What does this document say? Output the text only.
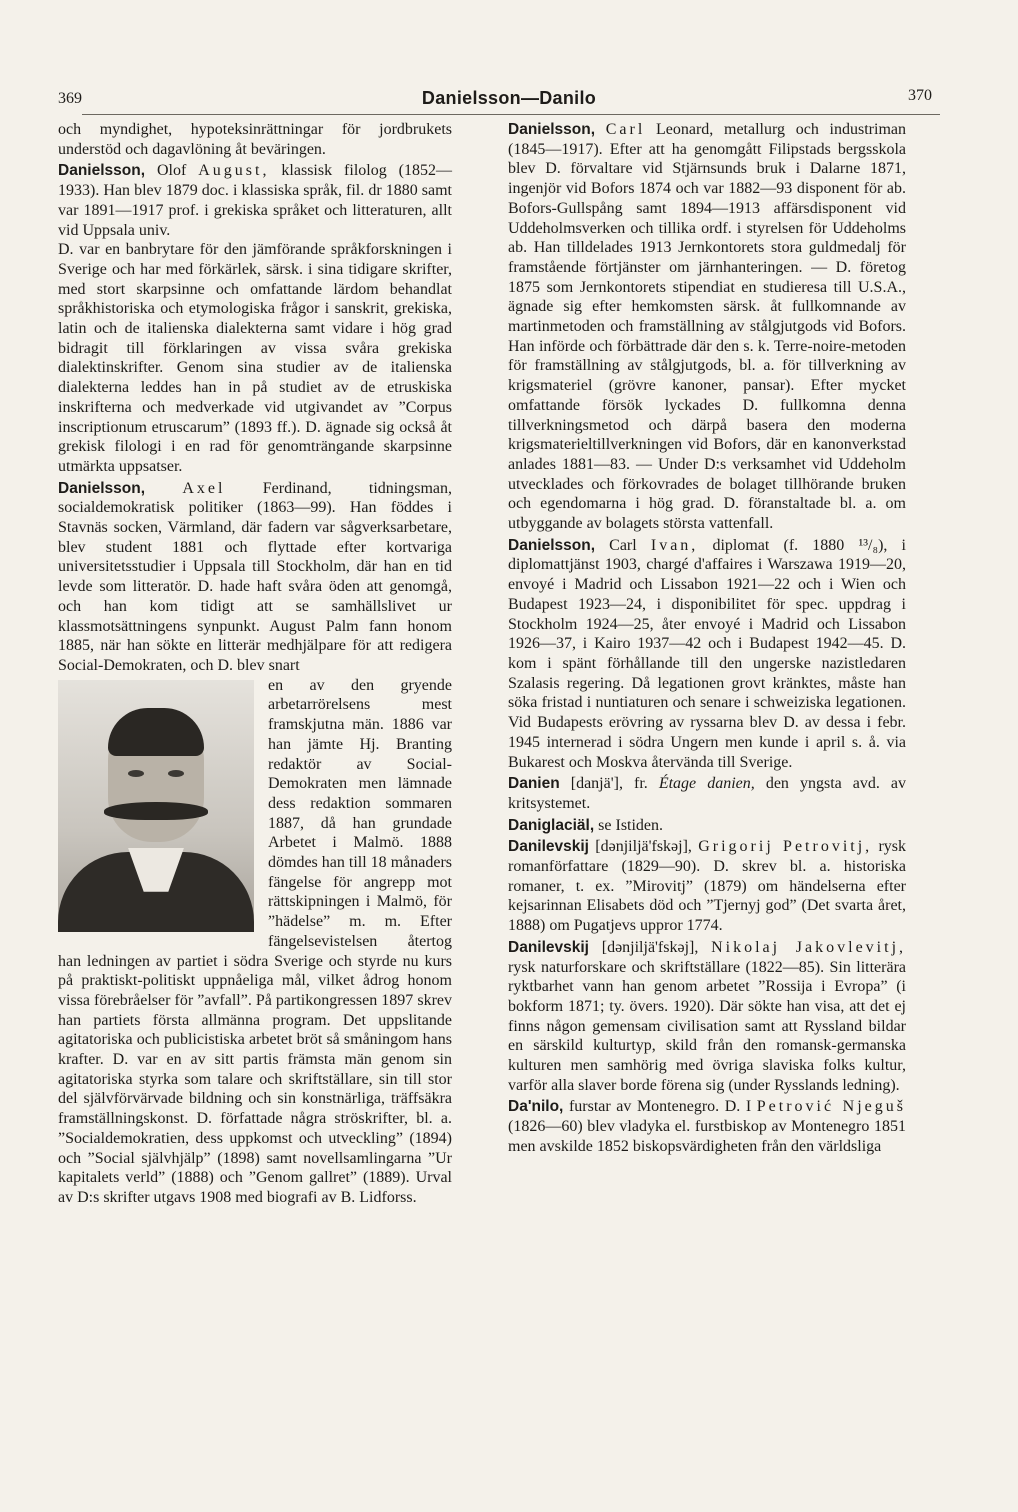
369	Danielsson—Danilo	370

och myndighet, hypoteksinrättningar för jordbrukets understöd och dagavlöning åt beväringen.

Danielsson, Olof August, klassisk filolog (1852—1933). Han blev 1879 doc. i klassiska språk, fil. dr 1880 samt var 1891—1917 prof. i grekiska språket och litteraturen, allt vid Uppsala univ.

D. var en banbrytare för den jämförande språkforskningen i Sverige och har med förkärlek, särsk. i sina tidigare skrifter, med stort skarpsinne och omfattande lärdom behandlat språkhistoriska och etymologiska frågor i sanskrit, grekiska, latin och de italienska dialekterna samt vidare i hög grad bidragit till förklaringen av vissa svåra grekiska dialektinskrifter. Genom sina studier av de italienska dialekterna leddes han in på studiet av de etruskiska inskrifterna och medverkade vid utgivandet av ”Corpus inscriptionum etruscarum” (1893 ff.). D. ägnade sig också åt grekisk filologi i en rad för genomträngande skarpsinne utmärkta uppsatser.

Danielsson, Axel Ferdinand, tidningsman, socialdemokratisk politiker (1863—99). Han föddes i Stavnäs socken, Värmland, där fadern var sågverksarbetare, blev student 1881 och flyttade efter kortvariga universitetsstudier i Uppsala till Stockholm, där han en tid levde som litteratör. D. hade haft svåra öden att genomgå, och han kom tidigt att se samhällslivet ur klassmotsättningens synpunkt. August Palm fann honom 1885, när han sökte en litterär medhjälpare för att redigera Social-Demokraten, och D. blev snart

en av den gryende arbetarrörelsens mest framskjutna män. 1886 var han jämte Hj. Branting redaktör av Social-Demokraten men lämnade dess redaktion sommaren 1887, då han grundade Arbetet i Malmö. 1888 dömdes han till 18 månaders fängelse för angrepp mot rättskipningen i Malmö, för ”hädelse” m. m. Efter fängelsevistelsen återtog han ledningen av partiet i södra Sverige och styrde nu kurs på praktiskt-politiskt uppnåeliga mål, vilket ådrog honom vissa förebråelser för ”avfall”. På partikongressen 1897 skrev han partiets första allmänna program. Det uppslitande agitatoriska och publicistiska arbetet bröt så småningom hans krafter. D. var en av sitt partis främsta män genom sin agitatoriska styrka som talare och skriftställare, sin till stor del självförvärvade bildning och sin konstnärliga, träffsäkra framställningskonst. D. författade några ströskrifter, bl. a. ”Socialdemokratien, dess uppkomst och utveckling” (1894) och ”Social självhjälp” (1898) samt novellsamlingarna ”Ur kapitalets verld” (1888) och ”Genom gallret” (1889). Urval av D:s skrifter utgavs 1908 med biografi av B. Lidforss.

Danielsson, Carl Leonard, metallurg och industriman (1845—1917). Efter att ha genomgått Filipstads bergsskola blev D. förvaltare vid Stjärnsunds bruk i Dalarne 1871, ingenjör vid Bofors 1874 och var 1882—93 disponent för ab. Bofors-Gullspång samt 1894—1913 affärsdisponent vid Uddeholmsverken och tillika ordf. i styrelsen för Uddeholms ab. Han tilldelades 1913 Jernkontorets stora guldmedalj för framstående förtjänster om järnhanteringen. — D. företog 1875 som Jernkontorets stipendiat en studieresa till U.S.A., ägnade sig efter hemkomsten särsk. åt fullkomnande av martinmetoden och framställning av stålgjutgods vid Bofors. Han införde och förbättrade där den s. k. Terre-noire-metoden för framställning av stålgjutgods, bl. a. för tillverkning av krigsmateriel (grövre kanoner, pansar). Efter mycket omfattande försök lyckades D. fullkomna denna tillverkningsmetod och därpå basera den moderna krigsmaterieltillverkningen vid Bofors, där en kanonverkstad anlades 1881—83. — Under D:s verksamhet vid Uddeholm utvecklades och förkovrades de bolaget tillhörande bruken och egendomarna i hög grad. D. föranstaltade bl. a. om utbyggande av bolagets största vattenfall.

Danielsson, Carl Ivan, diplomat (f. 1880 ¹³/₈), i diplomattjänst 1903, chargé d'affaires i Warszawa 1919—20, envoyé i Madrid och Lissabon 1921—22 och i Wien och Budapest 1923—24, i disponibilitet för spec. uppdrag i Stockholm 1924—25, åter envoyé i Madrid och Lissabon 1926—37, i Kairo 1937—42 och i Budapest 1942—45. D. kom i spänt förhållande till den ungerske nazistledaren Szalasis regering. Då legationen grovt kränktes, måste han söka fristad i nuntiaturen och senare i schweiziska legationen. Vid Budapests erövring av ryssarna blev D. av dessa i febr. 1945 internerad i södra Ungern men kunde i april s. å. via Bukarest och Moskva återvända till Sverige.

Danien [danjä'], fr. Étage danien, den yngsta avd. av kritsystemet.

Daniglaciäl, se Istiden.

Danilevskij [dənjiljä'fskəj], Grigorij Petrovitj, rysk romanförfattare (1829—90). D. skrev bl. a. historiska romaner, t. ex. ”Mirovitj” (1879) om händelserna efter kejsarinnan Elisabets död och ”Tjernyj god” (Det svarta året, 1888) om Pugatjevs uppror 1774.

Danilevskij [dənjiljä'fskəj], Nikolaj Jakovlevitj, rysk naturforskare och skriftställare (1822—85). Sin litterära ryktbarhet vann han genom arbetet ”Rossija i Evropa” (i bokform 1871; ty. övers. 1920). Där sökte han visa, att det ej finns någon gemensam civilisation samt att Ryssland bildar en särskild kulturtyp, skild från den romansk-germanska kulturen men samhörig med övriga slaviska folks kultur, varför alla slaver borde förena sig (under Rysslands ledning).

Da'nilo, furstar av Montenegro. D. I Petrović Njeguš (1826—60) blev vladyka el. furstbiskop av Montenegro 1851 men avskilde 1852 biskopsvärdigheten från den världsliga
